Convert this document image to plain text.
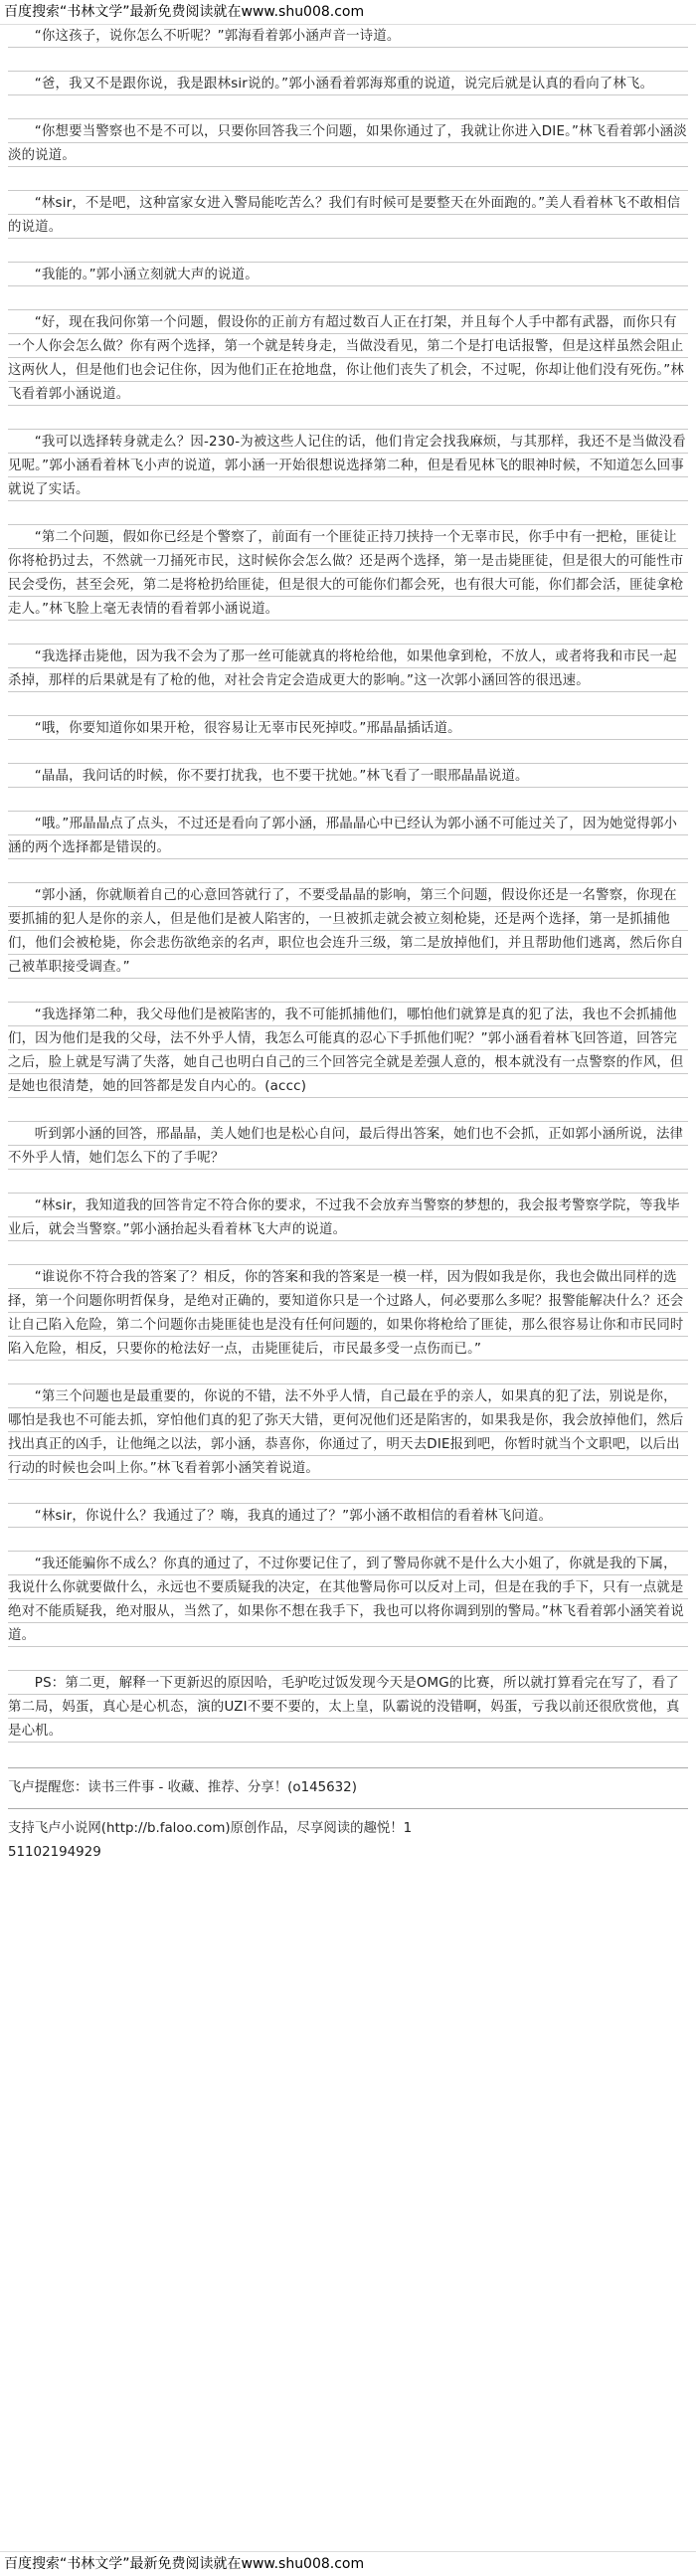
百度搜索“书林文学”最新免费阅读就在www.shu008.com

“你这孩子，说你怎么不听呢？”郭海看着郭小涵声音一诗道。

“爸，我又不是跟你说，我是跟林sir说的。”郭小涵看着郭海郑重的说道，说完后就是认真的看向了林飞。

“你想要当警察也不是不可以，只要你回答我三个问题，如果你通过了，我就让你进入DIE。”林飞看着郭小涵淡淡的说道。

“林sir，不是吧，这种富家女进入警局能吃苦么？我们有时候可是要整天在外面跑的。”美人看着林飞不敢相信的说道。

“我能的。”郭小涵立刻就大声的说道。

“好，现在我问你第一个问题，假设你的正前方有超过数百人正在打架，并且每个人手中都有武器，而你只有一个人你会怎么做？你有两个选择，第一个就是转身走，当做没看见，第二个是打电话报警，但是这样虽然会阻止这两伙人，但是他们也会记住你，因为他们正在抢地盘，你让他们丧失了机会，不过呢，你却让他们没有死伤。”林飞看着郭小涵说道。

“我可以选择转身就走么？因-230-为被这些人记住的话，他们肯定会找我麻烦，与其那样，我还不是当做没看见呢。”郭小涵看着林飞小声的说道，郭小涵一开始很想说选择第二种，但是看见林飞的眼神时候，不知道怎么回事就说了实话。

“第二个问题，假如你已经是个警察了，前面有一个匪徒正持刀挟持一个无辜市民，你手中有一把枪，匪徒让你将枪扔过去，不然就一刀捅死市民，这时候你会怎么做？还是两个选择，第一是击毙匪徒，但是很大的可能性市民会受伤，甚至会死，第二是将枪扔给匪徒，但是很大的可能你们都会死，也有很大可能，你们都会活，匪徒拿枪走人。”林飞脸上毫无表情的看着郭小涵说道。

“我选择击毙他，因为我不会为了那一丝可能就真的将枪给他，如果他拿到枪，不放人，或者将我和市民一起杀掉，那样的后果就是有了枪的他，对社会肯定会造成更大的影响。”这一次郭小涵回答的很迅速。

“哦，你要知道你如果开枪，很容易让无辜市民死掉哎。”邢晶晶插话道。

“晶晶，我问话的时候，你不要打扰我，也不要干扰她。”林飞看了一眼邢晶晶说道。

“哦。”邢晶晶点了点头，不过还是看向了郭小涵，邢晶晶心中已经认为郭小涵不可能过关了，因为她觉得郭小涵的两个选择都是错误的。

“郭小涵，你就顺着自己的心意回答就行了，不要受晶晶的影响，第三个问题，假设你还是一名警察，你现在要抓捕的犯人是你的亲人，但是他们是被人陷害的，一旦被抓走就会被立刻枪毙，还是两个选择，第一是抓捕他们，他们会被枪毙，你会悲伤欲绝亲的名声，职位也会连升三级，第二是放掉他们，并且帮助他们逃离，然后你自己被革职接受调查。”

“我选择第二种，我父母他们是被陷害的，我不可能抓捕他们，哪怕他们就算是真的犯了法，我也不会抓捕他们，因为他们是我的父母，法不外乎人情，我怎么可能真的忍心下手抓他们呢？”郭小涵看着林飞回答道，回答完之后，脸上就是写满了失落，她自己也明白自己的三个回答完全就是差强人意的，根本就没有一点警察的作风，但是她也很清楚，她的回答都是发自内心的。(accc)

听到郭小涵的回答，邢晶晶，美人她们也是松心自问，最后得出答案，她们也不会抓，正如郭小涵所说，法律不外乎人情，她们怎么下的了手呢？

“林sir，我知道我的回答肯定不符合你的要求，不过我不会放弃当警察的梦想的，我会报考警察学院，等我毕业后，就会当警察。”郭小涵抬起头看着林飞大声的说道。

“谁说你不符合我的答案了？相反，你的答案和我的答案是一模一样，因为假如我是你，我也会做出同样的选择，第一个问题你明哲保身，是绝对正确的，要知道你只是一个过路人，何必要那么多呢？报警能解决什么？还会让自己陷入危险，第二个问题你击毙匪徒也是没有任何问题的，如果你将枪给了匪徒，那么很容易让你和市民同时陷入危险，相反，只要你的枪法好一点，击毙匪徒后，市民最多受一点伤而已。”

“第三个问题也是最重要的，你说的不错，法不外乎人情，自己最在乎的亲人，如果真的犯了法，别说是你，哪怕是我也不可能去抓，穿怕他们真的犯了弥天大错，更何况他们还是陷害的，如果我是你，我会放掉他们，然后找出真正的凶手，让他绳之以法，郭小涵，恭喜你，你通过了，明天去DIE报到吧，你暂时就当个文职吧，以后出行动的时候也会叫上你。”林飞看着郭小涵笑着说道。

“林sir，你说什么？我通过了？嗨，我真的通过了？”郭小涵不敢相信的看着林飞问道。

“我还能骗你不成么？你真的通过了，不过你要记住了，到了警局你就不是什么大小姐了，你就是我的下属，我说什么你就要做什么，永远也不要质疑我的决定，在其他警局你可以反对上司，但是在我的手下，只有一点就是绝对不能质疑我，绝对服从，当然了，如果你不想在我手下，我也可以将你调到别的警局。”林飞看着郭小涵笑着说道。

PS：第二更，解释一下更新迟的原因哈，毛驴吃过饭发现今天是OMG的比赛，所以就打算看完在写了，看了第二局，妈蛋，真心是心机态，演的UZI不要不要的，太上皇，队霸说的没错啊，妈蛋，亏我以前还很欣赏他，真是心机。

飞卢提醒您：读书三件事 - 收藏、推荐、分享！(o145632)
支持飞卢小说网(http://b.faloo.com)原创作品，尽享阅读的趣悦！1
51102194929
百度搜索“书林文学”最新免费阅读就在www.shu008.com
